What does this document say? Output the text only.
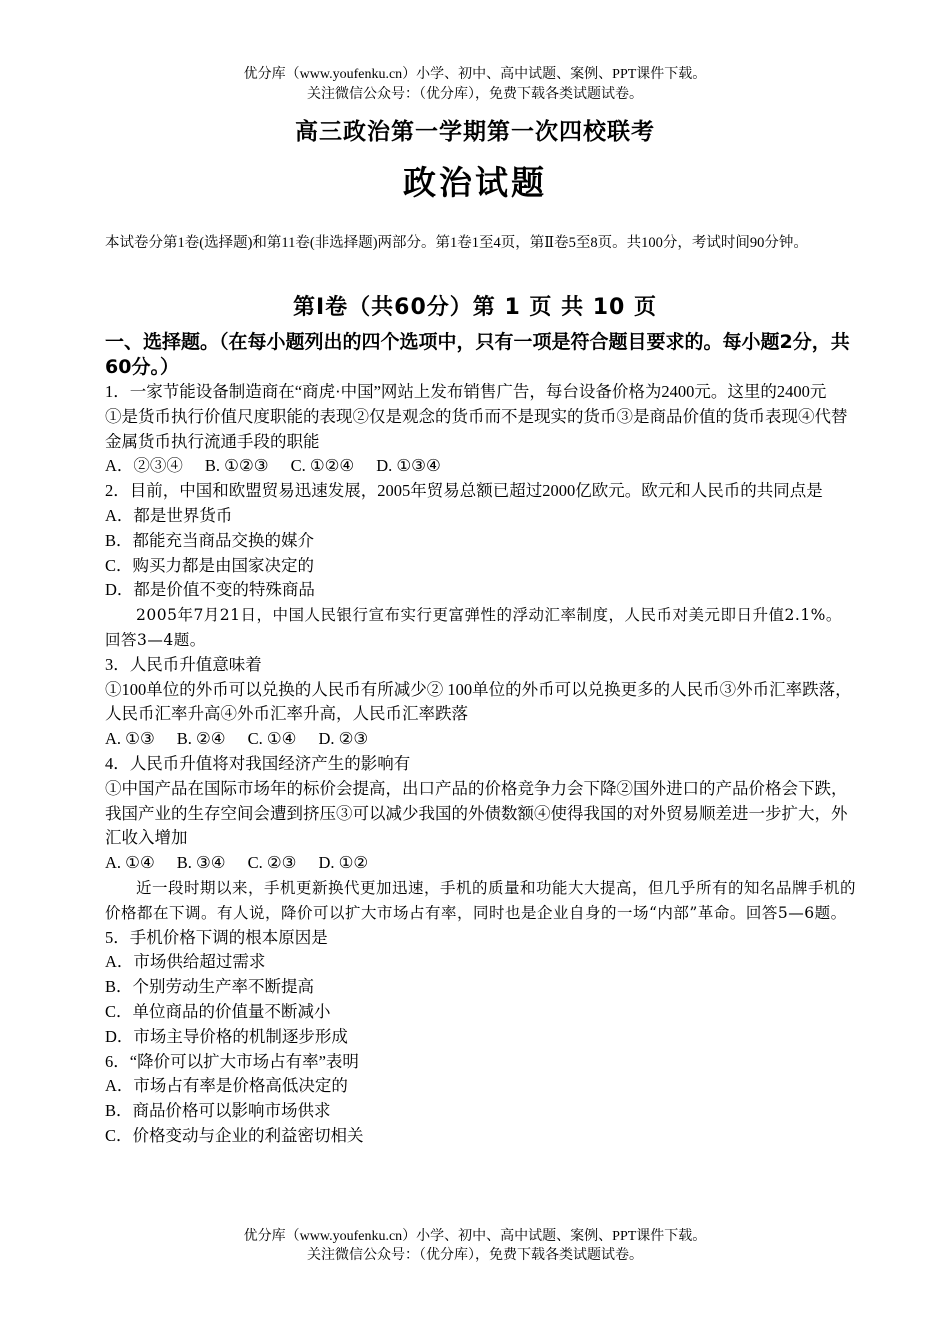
优分库（www.youfenku.cn）小学、初中、高中试题、案例、PPT课件下载。
关注微信公众号：（优分库），免费下载各类试题试卷。
高三政治第一学期第一次四校联考
政治试题
本试卷分第1卷(选择题)和第11卷(非选择题)两部分。第1卷1至4页，第Ⅱ卷5至8页。共100分，考试时间90分钟。
第Ⅰ卷（共60分）第 1 页 共 10 页
一、选择题。（在每小题列出的四个选项中，只有一项是符合题目要求的。每小题2分，共60分。）

1．一家节能设备制造商在“商虎·中国”网站上发布销售广告，每台设备价格为2400元。这里的2400元

①是货币执行价值尺度职能的表现②仅是观念的货币而不是现实的货币③是商品价值的货币表现④代替金属货币执行流通手段的职能

A．②③④ B. ①②③ C. ①②④ D. ①③④

2．目前，中国和欧盟贸易迅速发展，2005年贸易总额已超过2000亿欧元。欧元和人民币的共同点是

A．都是世界货币

B．都能充当商品交换的媒介

C．购买力都是由国家决定的

D．都是价值不变的特殊商品

2005年7月21日，中国人民银行宣布实行更富弹性的浮动汇率制度，人民币对美元即日升值2.1%。回答3—4题。

3．人民币升值意味着

①100单位的外币可以兑换的人民币有所减少② 100单位的外币可以兑换更多的人民币③外币汇率跌落，人民币汇率升高④外币汇率升高，人民币汇率跌落

A. ①③ B. ②④ C. ①④ D. ②③

4．人民币升值将对我国经济产生的影响有

①中国产品在国际市场年的标价会提高，出口产品的价格竞争力会下降②国外进口的产品价格会下跌，我国产业的生存空间会遭到挤压③可以减少我国的外债数额④使得我国的对外贸易顺差进一步扩大，外汇收入增加

A. ①④ B. ③④ C. ②③ D. ①②

近一段时期以来，手机更新换代更加迅速，手机的质量和功能大大提高，但几乎所有的知名品牌手机的价格都在下调。有人说，降价可以扩大市场占有率，同时也是企业自身的一场“内部”革命。回答5—6题。

5．手机价格下调的根本原因是

A．市场供给超过需求

B．个别劳动生产率不断提高

C．单位商品的价值量不断减小

D．市场主导价格的机制逐步形成

6．“降价可以扩大市场占有率”表明

A．市场占有率是价格高低决定的

B．商品价格可以影响市场供求

C．价格变动与企业的利益密切相关

优分库（www.youfenku.cn）小学、初中、高中试题、案例、PPT课件下载。
关注微信公众号：（优分库），免费下载各类试题试卷。
